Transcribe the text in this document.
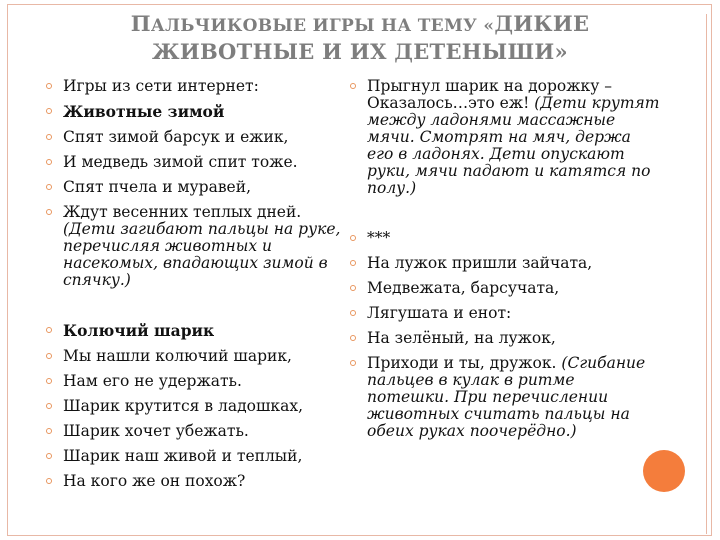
ПАЛЬЧИКОВЫЕ ИГРЫ НА ТЕМУ «ДИКИЕ
ЖИВОТНЫЕ И ИХ ДЕТЕНЫШИ»
Игры из сети интернет:
Животные зимой
Спят зимой барсук и ежик,
И медведь зимой спит тоже.
Спят пчела и муравей,
Ждут весенних теплых дней. (Дети загибают пальцы на руке, перечисляя животных и насекомых, впадающих зимой в спячку.)
Колючий шарик
Мы нашли колючий шарик,
Нам его не удержать.
Шарик крутится в ладошках,
Шарик хочет убежать.
Шарик наш живой и теплый,
На кого же он похож?
Прыгнул шарик на дорожку – Оказалось…это еж! (Дети крутят между ладонями массажные мячи. Смотрят на мяч, держа его в ладонях. Дети опускают руки, мячи падают и катятся по полу.)
***
На лужок пришли зайчата,
Медвежата, барсучата,
Лягушата и енот:
На зелёный, на лужок,
Приходи и ты, дружок. (Сгибание пальцев в кулак в ритме потешки. При перечислении животных считать пальцы на обеих руках поочерёдно.)
